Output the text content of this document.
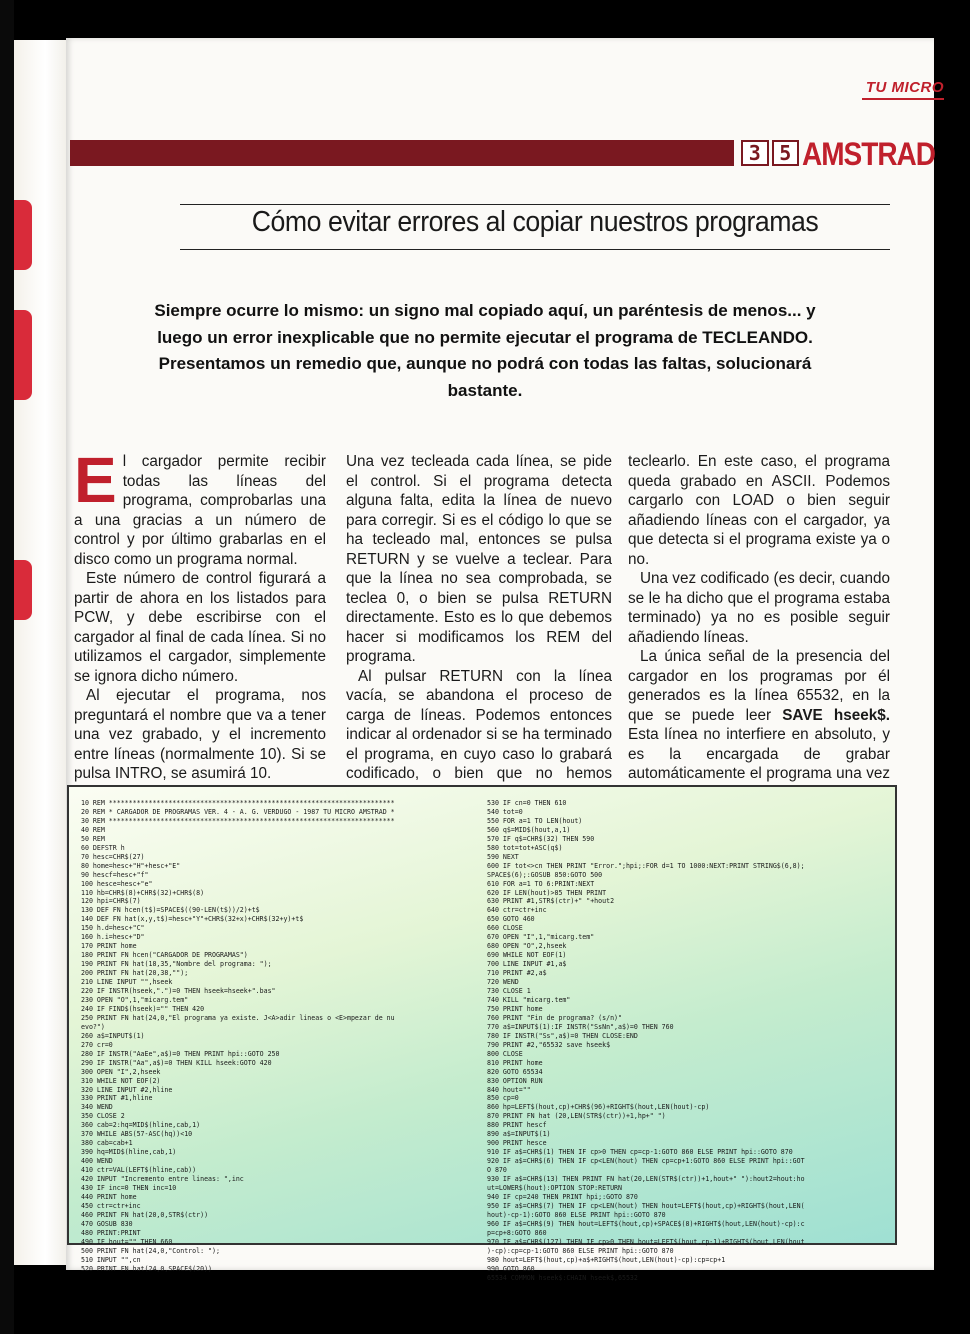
TU MICRO
3 5 AMSTRAD
Cómo evitar errores al copiar nuestros programas
Siempre ocurre lo mismo: un signo mal copiado aquí, un paréntesis de menos... y luego un error inexplicable que no permite ejecutar el programa de TECLEANDO. Presentamos un remedio que, aunque no podrá con todas las faltas, solucionará bastante.

El cargador permite recibir todas las líneas del programa, comprobarlas una a una gracias a un número de control y por último grabarlas en el disco como un programa normal.

Este número de control figurará a partir de ahora en los listados para PCW, y debe escribirse con el cargador al final de cada línea. Si no utilizamos el cargador, simplemente se ignora dicho número.

Al ejecutar el programa, nos preguntará el nombre que va a tener una vez grabado, y el incremento entre líneas (normalmente 10). Si se pulsa INTRO, se asumirá 10.

Una vez tecleada cada línea, se pide el control. Si el programa detecta alguna falta, edita la línea de nuevo para corregir. Si es el código lo que se ha tecleado mal, entonces se pulsa RETURN y se vuelve a teclear. Para que la línea no sea comprobada, se teclea 0, o bien se pulsa RETURN directamente. Esto es lo que debemos hacer si modificamos los REM del programa.

Al pulsar RETURN con la línea vacía, se abandona el proceso de carga de líneas. Podemos entonces indicar al ordenador si se ha terminado el programa, en cuyo caso lo grabará codificado, o bien que no hemos

teclearlo. En este caso, el programa queda grabado en ASCII. Podemos cargarlo con LOAD o bien seguir añadiendo líneas con el cargador, ya que detecta si el programa existe ya o no.

Una vez codificado (es decir, cuando se le ha dicho que el programa estaba terminado) ya no es posible seguir añadiendo líneas.

La única señal de la presencia del cargador en los programas por él generados es la línea 65532, en la que se puede leer SAVE hseek$. Esta línea no interfiere en absoluto, y es la encargada de grabar automáticamente el programa una vez

10 REM ************************************************************************
20 REM * CARGADOR DE PROGRAMAS VER. 4 - A. G. VERDUGO - 1987 TU MICRO AMSTRAD *
30 REM ************************************************************************
40 REM
50 REM
60 DEFSTR h
70 hesc=CHR$(27)
80 home=hesc+"H"+hesc+"E"
90 hescf=hesc+"f"
100 hesce=hesc+"e"
110 hb=CHR$(8)+CHR$(32)+CHR$(8)
120 hpi=CHR$(7)
130 DEF FN hcen(t$)=SPACE$((90-LEN(t$))/2)+t$
140 DEF FN hat(x,y,t$)=hesc+"Y"+CHR$(32+x)+CHR$(32+y)+t$
150 h.d=hesc+"C"
160 h.i=hesc+"D"
170 PRINT home
180 PRINT FN hcen("CARGADOR DE PROGRAMAS")
190 PRINT FN hat(18,35,"Nombre del programa: ");
200 PRINT FN hat(20,38,"");
210 LINE INPUT "",hseek
220 IF INSTR(hseek,".")=0 THEN hseek=hseek+".bas"
230 OPEN "O",1,"micarg.tem"
240 IF FIND$(hseek)="" THEN 420
250 PRINT FN hat(24,0,"El programa ya existe. J<A>adir lineas o <E>mpezar de nu
evo?")
260 a$=INPUT$(1)
270 cr=0
280 IF INSTR("AaEe",a$)=0 THEN PRINT hpi::GOTO 250
290 IF INSTR("Aa",a$)=0 THEN KILL hseek:GOTO 420
300 OPEN "I",2,hseek
310 WHILE NOT EOF(2)
320 LINE INPUT #2,hline
330 PRINT #1,hline
340 WEND
350 CLOSE 2
360 cab=2:hq=MID$(hline,cab,1)
370 WHILE ABS(57-ASC(hq))<10
380 cab=cab+1
390 hq=MID$(hline,cab,1)
400 WEND
410 ctr=VAL(LEFT$(hline,cab))
420 INPUT "Incremento entre lineas: ",inc
430 IF inc=0 THEN inc=10
440 PRINT home
450 ctr=ctr+inc
460 PRINT FN hat(20,0,STR$(ctr))
470 GOSUB 830
480 PRINT:PRINT
490 IF hout="" THEN 660
500 PRINT FN hat(24,0,"Control: ");
510 INPUT "",cn
520 PRINT FN hat(24,0,SPACE$(20))
530 IF cn=0 THEN 610
540 tot=0
550 FOR a=1 TO LEN(hout)
560 q$=MID$(hout,a,1)
570 IF q$=CHR$(32) THEN 590
580 tot=tot+ASC(q$)
590 NEXT
600 IF tot<>cn THEN PRINT "Error.";hpi;:FOR d=1 TO 1000:NEXT:PRINT STRING$(6,8);
SPACE$(6);:GOSUB 850:GOTO 500
610 FOR a=1 TO 6:PRINT:NEXT
620 IF LEN(hout)>85 THEN PRINT
630 PRINT #1,STR$(ctr)+" "+hout2
640 ctr=ctr+inc
650 GOTO 460
660 CLOSE
670 OPEN "I",1,"micarg.tem"
680 OPEN "O",2,hseek
690 WHILE NOT EOF(1)
700 LINE INPUT #1,a$
710 PRINT #2,a$
720 WEND
730 CLOSE 1
740 KILL "micarg.tem"
750 PRINT home
760 PRINT "Fin de programa? (s/n)"
770 a$=INPUT$(1):IF INSTR("SsNn",a$)=0 THEN 760
780 IF INSTR("Ss",a$)=0 THEN CLOSE:END
790 PRINT #2,"65532 save hseek$
800 CLOSE
810 PRINT home
820 GOTO 65534
830 OPTION RUN
840 hout=""
850 cp=0
860 hp=LEFT$(hout,cp)+CHR$(96)+RIGHT$(hout,LEN(hout)-cp)
870 PRINT FN hat (20,LEN(STR$(ctr))+1,hp+" ")
880 PRINT hescf
890 a$=INPUT$(1)
900 PRINT hesce
910 IF a$=CHR$(1) THEN IF cp>0 THEN cp=cp-1:GOTO 860 ELSE PRINT hpi::GOTO 870
920 IF a$=CHR$(6) THEN IF cp<LEN(hout) THEN cp=cp+1:GOTO 860 ELSE PRINT hpi::GOT
O 870
930 IF a$=CHR$(13) THEN PRINT FN hat(20,LEN(STR$(ctr))+1,hout+" "):hout2=hout:ho
ut=LOWER$(hout):OPTION STOP:RETURN
940 IF cp=240 THEN PRINT hpi;:GOTO 870
950 IF a$=CHR$(7) THEN IF cp<LEN(hout) THEN hout=LEFT$(hout,cp)+RIGHT$(hout,LEN(
hout)-cp-1):GOTO 860 ELSE PRINT hpi::GOTO 870
960 IF a$=CHR$(9) THEN hout=LEFT$(hout,cp)+SPACE$(8)+RIGHT$(hout,LEN(hout)-cp):c
p=cp+8:GOTO 860
970 IF a$=CHR$(127) THEN IF cp>0 THEN hout=LEFT$(hout,cp-1)+RIGHT$(hout,LEN(hout
)-cp):cp=cp-1:GOTO 860 ELSE PRINT hpi::GOTO 870
980 hout=LEFT$(hout,cp)+a$+RIGHT$(hout,LEN(hout)-cp):cp=cp+1
990 GOTO 860
65534 COMMON hseek$:CHAIN hseek$,65532
